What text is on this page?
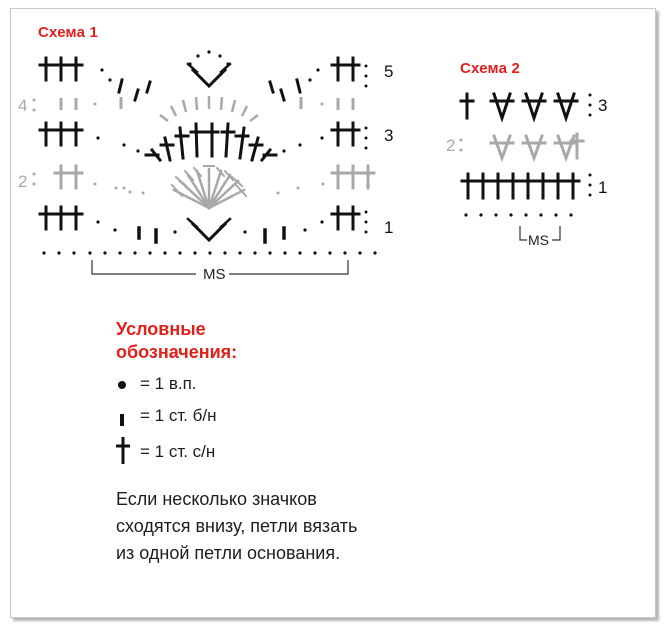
Схема 1
Схема 2
5
4
3
2
1
MS
3
2
1
MS
Условные
обозначения:
= 1 в.п.
= 1 ст. б/н
= 1 ст. с/н
Если несколько значков
сходятся внизу, петли вязать
из одной петли основания.
